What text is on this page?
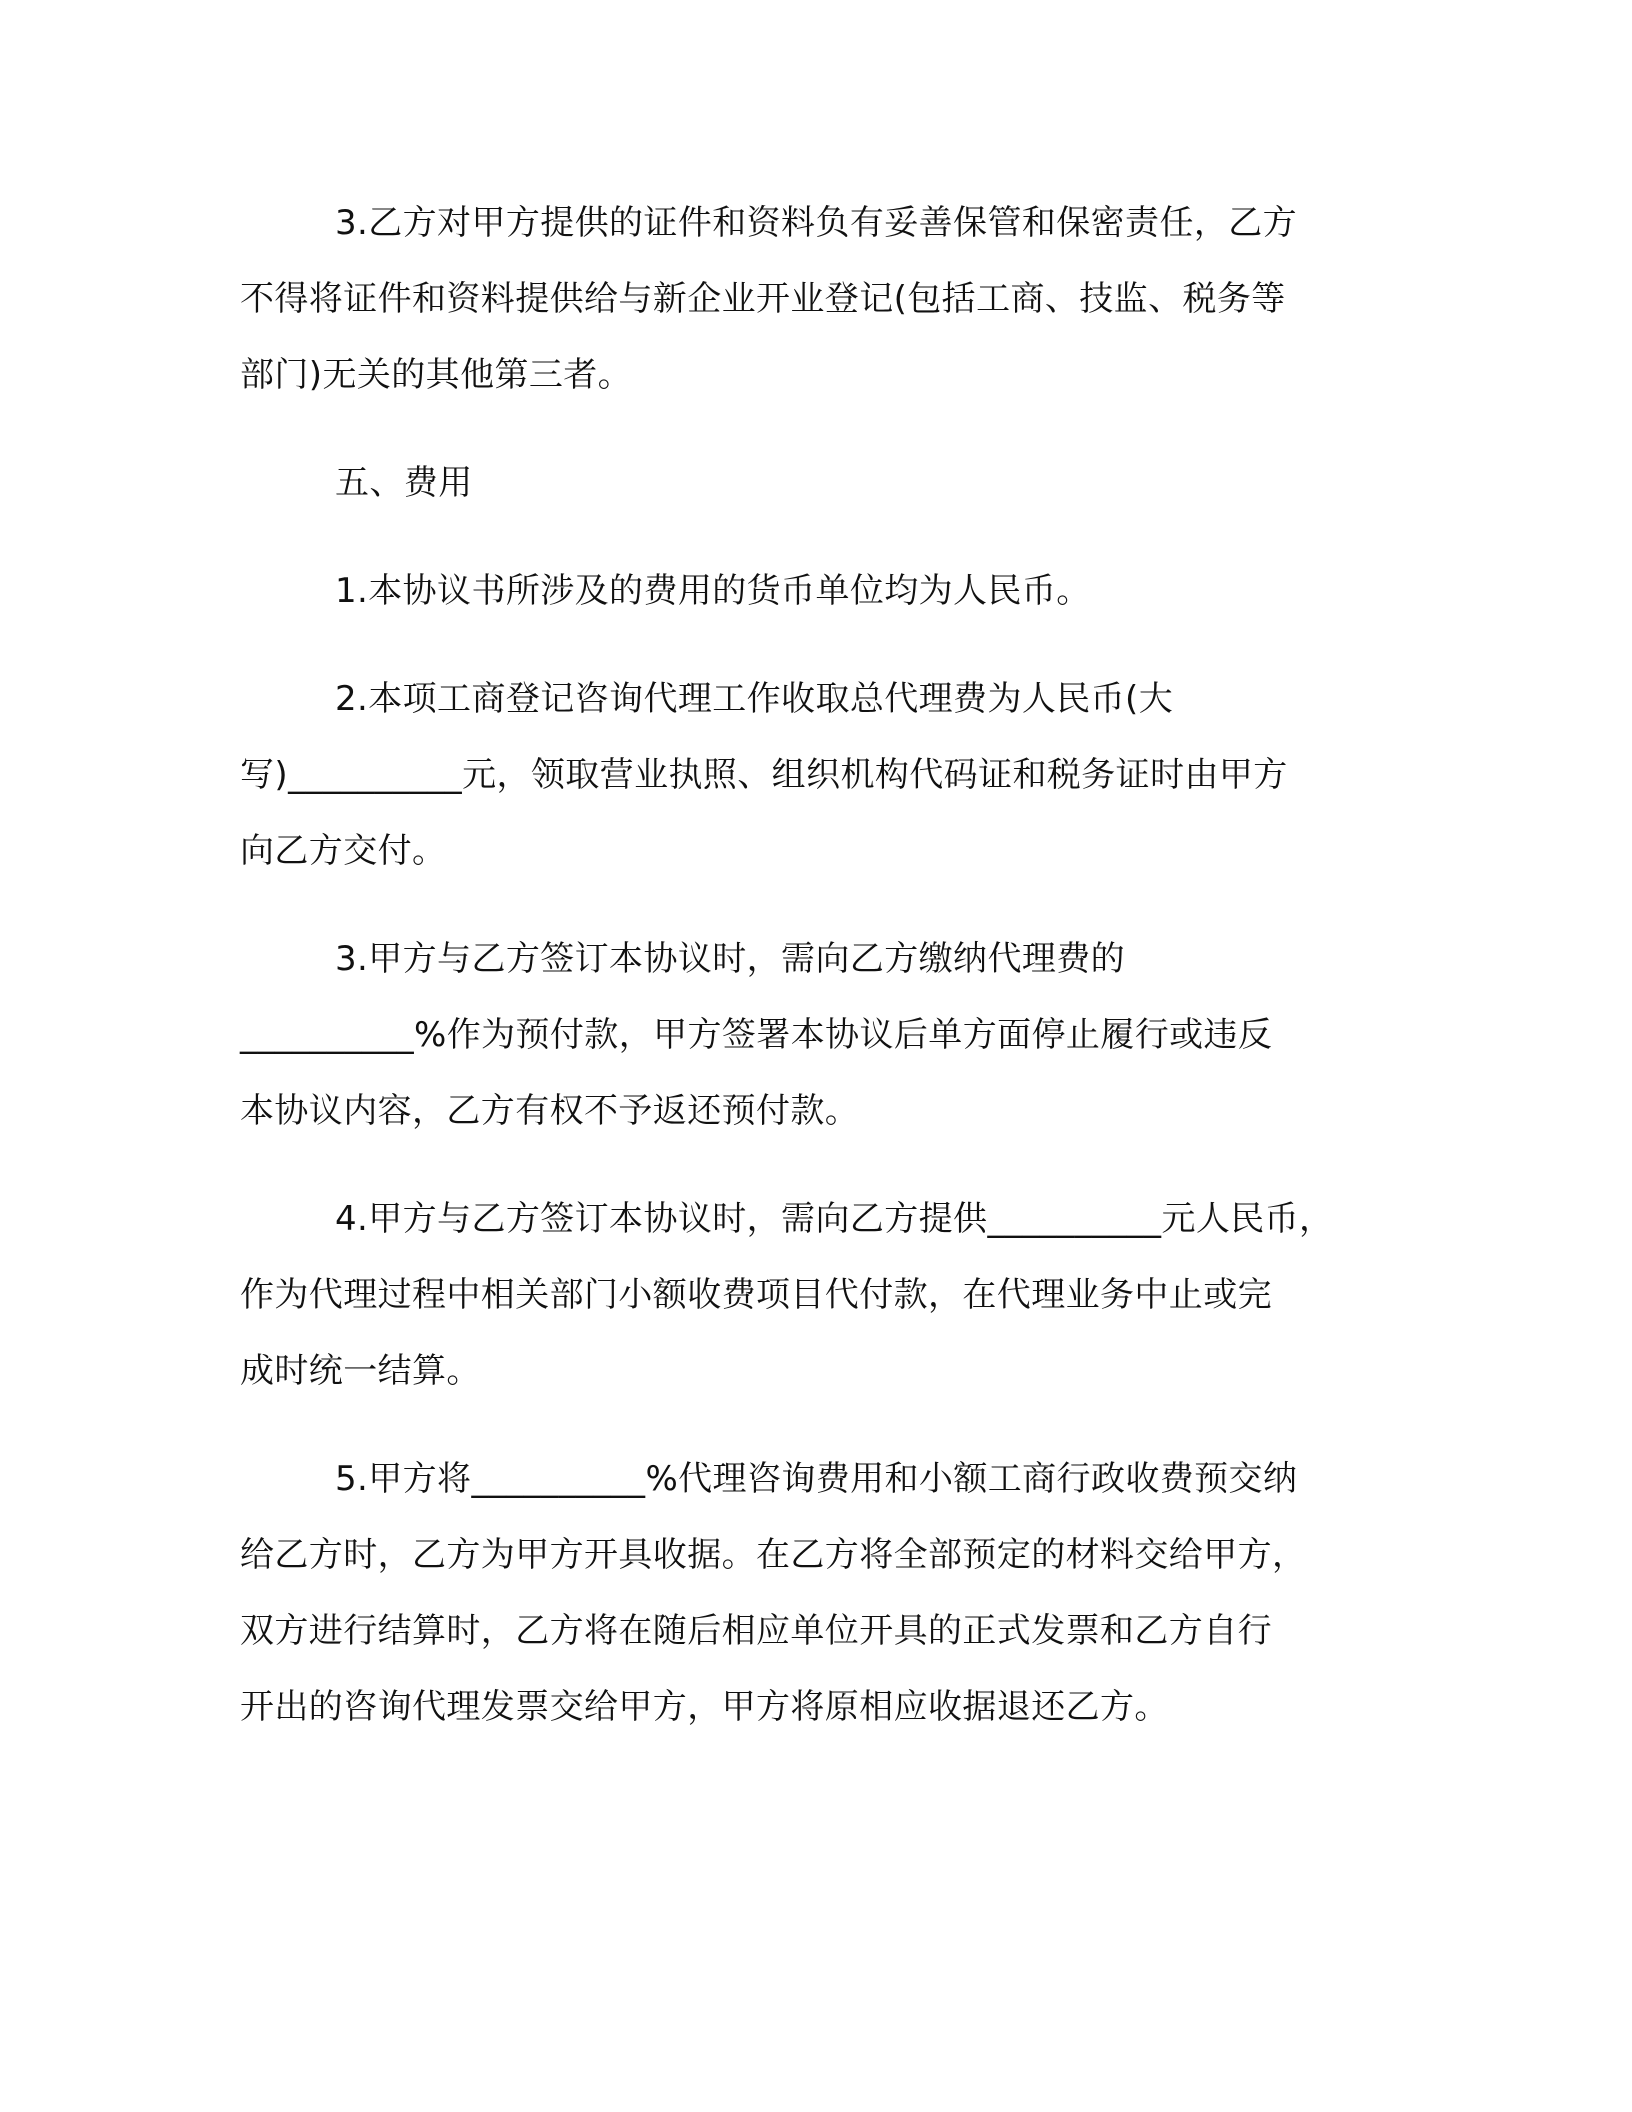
3.乙方对甲方提供的证件和资料负有妥善保管和保密责任，乙方
不得将证件和资料提供给与新企业开业登记(包括工商、技监、税务等
部门)无关的其他第三者。

五、费用

1.本协议书所涉及的费用的货币单位均为人民币。

2.本项工商登记咨询代理工作收取总代理费为人民币(大
写)__________元，领取营业执照、组织机构代码证和税务证时由甲方
向乙方交付。

3.甲方与乙方签订本协议时，需向乙方缴纳代理费的
__________%作为预付款，甲方签署本协议后单方面停止履行或违反
本协议内容，乙方有权不予返还预付款。

4.甲方与乙方签订本协议时，需向乙方提供__________元人民币，
作为代理过程中相关部门小额收费项目代付款，在代理业务中止或完
成时统一结算。

5.甲方将__________%代理咨询费用和小额工商行政收费预交纳
给乙方时，乙方为甲方开具收据。在乙方将全部预定的材料交给甲方，
双方进行结算时，乙方将在随后相应单位开具的正式发票和乙方自行
开出的咨询代理发票交给甲方，甲方将原相应收据退还乙方。
